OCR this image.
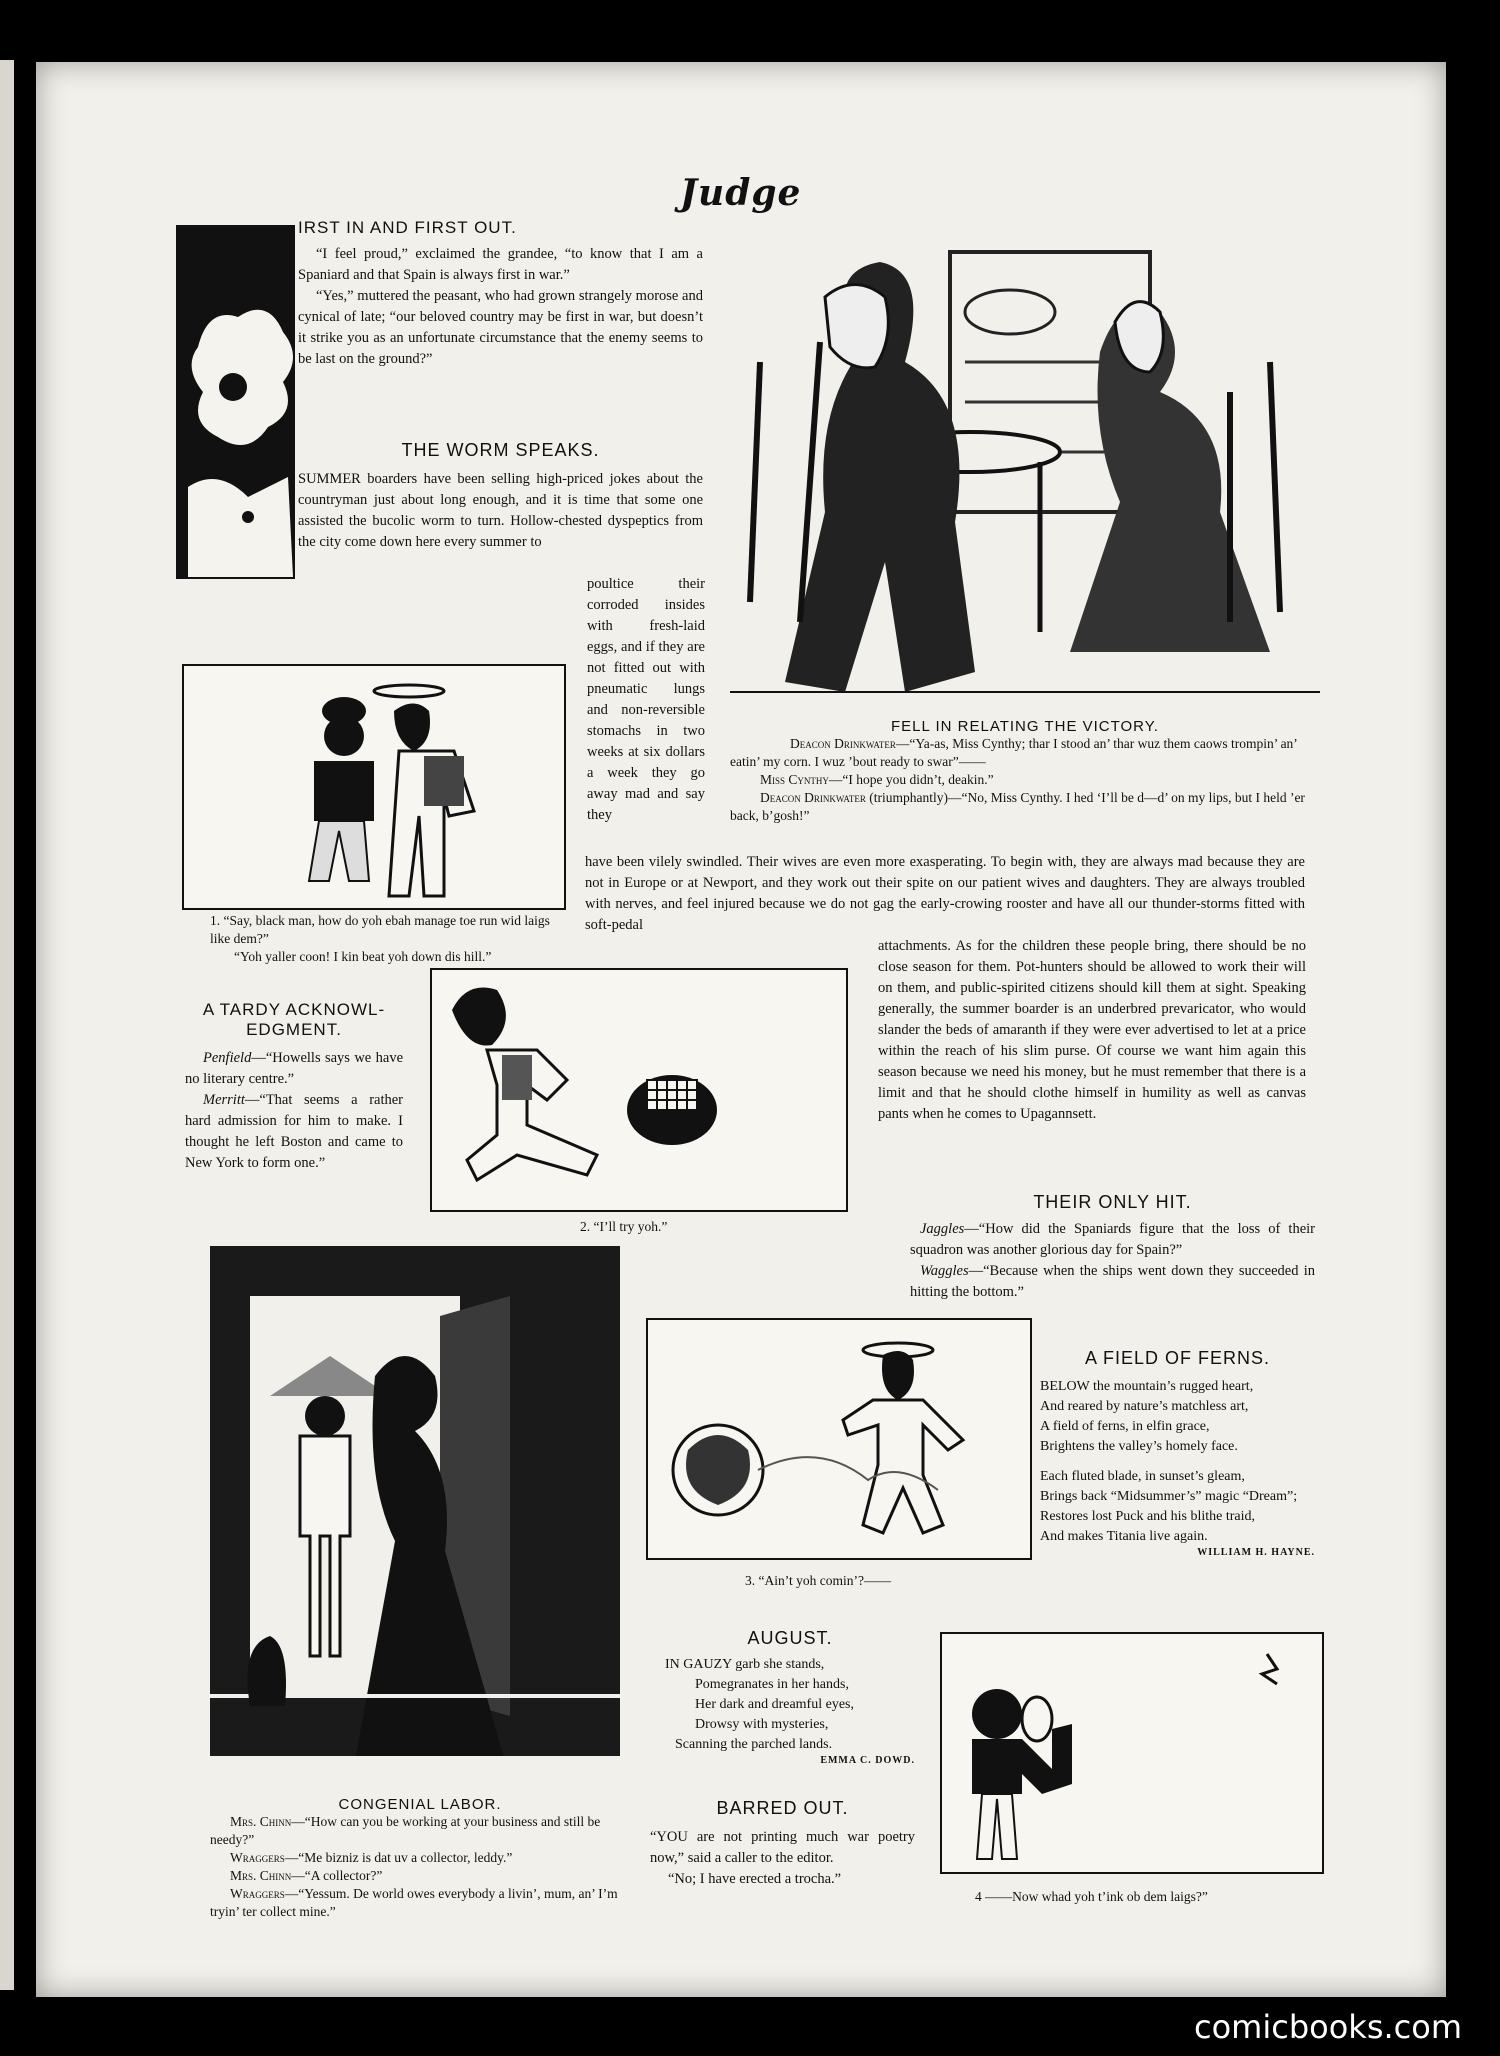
Judge
IRST IN AND FIRST OUT.

“I feel proud,” exclaimed the grandee, “to know that I am a Spaniard and that Spain is always first in war.”

“Yes,” muttered the peasant, who had grown strangely morose and cynical of late; “our beloved country may be first in war, but doesn’t it strike you as an unfortunate circumstance that the enemy seems to be last on the ground?”

THE WORM SPEAKS.

SUMMER boarders have been selling high-priced jokes about the countryman just about long enough, and it is time that some one assisted the bucolic worm to turn. Hollow-chested dyspeptics from the city come down here every summer to

poultice their corroded insides with fresh-laid eggs, and if they are not fitted out with pneumatic lungs and non-reversible stomachs in two weeks at six dollars a week they go away mad and say they
FELL IN RELATING THE VICTORY.
Deacon Drinkwater—“Ya-as, Miss Cynthy; thar I stood an’ thar wuz them caows trompin’ an’ eatin’ my corn. I wuz ’bout ready to swar”——
Miss Cynthy—“I hope you didn’t, deakin.”
Deacon Drinkwater (triumphantly)—“No, Miss Cynthy. I hed ‘I’ll be d—d’ on my lips, but I held ’er back, b’gosh!”
1. “Say, black man, how do yoh ebah manage toe run wid laigs like dem?”
“Yoh yaller coon! I kin beat yoh down dis hill.”
have been vilely swindled. Their wives are even more exasperating. To begin with, they are always mad because they are not in Europe or at Newport, and they work out their spite on our patient wives and daughters. They are always troubled with nerves, and feel injured because we do not gag the early-crowing rooster and have all our thunder-storms fitted with soft-pedal
attachments. As for the children these people bring, there should be no close season for them. Pot-hunters should be allowed to work their will on them, and public-spirited citizens should kill them at sight. Speaking generally, the summer boarder is an underbred prevaricator, who would slander the beds of amaranth if they were ever advertised to let at a price within the reach of his slim purse. Of course we want him again this season because we need his money, but he must remember that there is a limit and that he should clothe himself in humility as well as canvas pants when he comes to Upagannsett.
A TARDY ACKNOWL-EDGMENT.

Penfield—“Howells says we have no literary centre.”

Merritt—“That seems a rather hard admission for him to make. I thought he left Boston and came to New York to form one.”

2. “I’ll try yoh.”
THEIR ONLY HIT.

Jaggles—“How did the Spaniards figure that the loss of their squadron was another glorious day for Spain?”

Waggles—“Because when the ships went down they succeeded in hitting the bottom.”

CONGENIAL LABOR.
Mrs. Chinn—“How can you be working at your business and still be needy?”
Wraggers—“Me bizniz is dat uv a collector, leddy.”
Mrs. Chinn—“A collector?”
Wraggers—“Yessum. De world owes everybody a livin’, mum, an’ I’m tryin’ ter collect mine.”
3. “Ain’t yoh comin’?——
A FIELD OF FERNS.
BELOW the mountain’s rugged heart,
And reared by nature’s matchless art,
A field of ferns, in elfin grace,
Brightens the valley’s homely face.
Each fluted blade, in sunset’s gleam,
Brings back “Midsummer’s” magic “Dream”;
Restores lost Puck and his blithe traid,
And makes Titania live again.
WILLIAM H. HAYNE.
AUGUST.
IN GAUZY garb she stands,
Pomegranates in her hands,
Her dark and dreamful eyes,
Drowsy with mysteries,
Scanning the parched lands.
EMMA C. DOWD.
BARRED OUT.

“YOU are not printing much war poetry now,” said a caller to the editor.

“No; I have erected a trocha.”

4 ——Now whad yoh t’ink ob dem laigs?”
comicbooks.com
